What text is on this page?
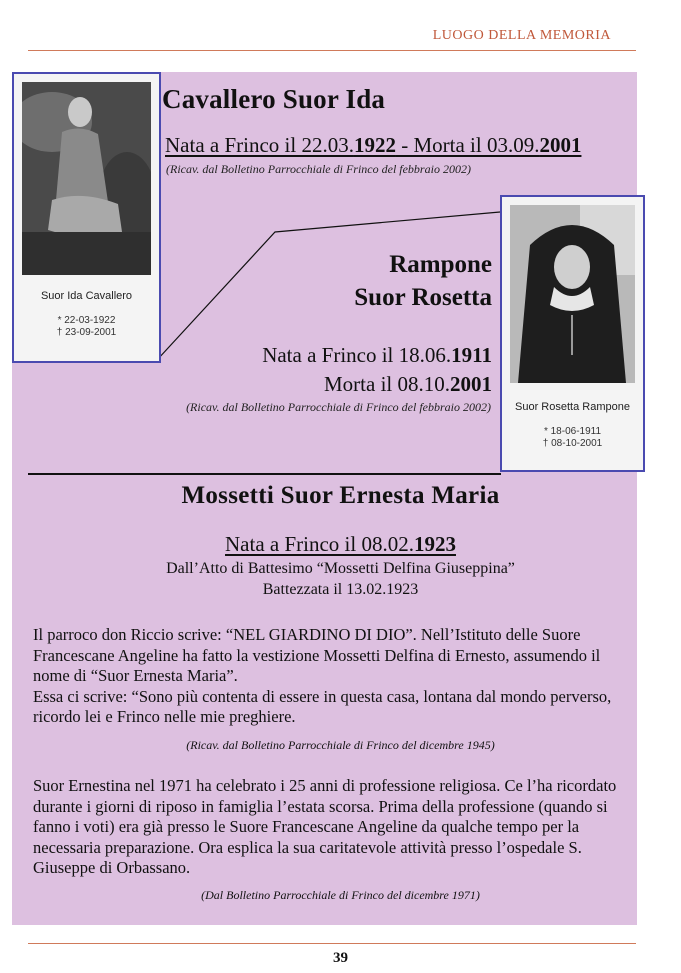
LUOGO DELLA MEMORIA
Suor Ida Cavallero
* 22-03-1922
† 23-09-2001
Cavallero Suor Ida
Nata a Frinco il 22.03.1922 - Morta il 03.09.2001
(Ricav. dal Bolletino Parrocchiale di Frinco del febbraio 2002)
Rampone
Suor Rosetta
Nata a Frinco il 18.06.1911
Morta il 08.10.2001
(Ricav. dal Bolletino Parrocchiale di Frinco del febbraio 2002)	Suor Rosetta Rampone
* 18-06-1911
† 08-10-2001
Mossetti Suor Ernesta Maria
Nata a Frinco il 08.02.1923
Dall’Atto di Battesimo “Mossetti Delfina Giuseppina”
Battezzata il 13.02.1923

Il parroco don Riccio scrive: “NEL GIARDINO DI DIO”. Nell’Istituto delle Suore Francescane Angeline ha fatto la vestizione Mossetti Delfina di Ernesto, assumendo il nome di “Suor Ernesta Maria”.
Essa ci scrive: “Sono più contenta di essere in questa casa, lontana dal mondo perverso, ricordo lei e Frinco nelle mie preghiere.

(Ricav. dal Bolletino Parrocchiale di Frinco del dicembre 1945)

Suor Ernestina nel 1971 ha celebrato i 25 anni di professione religiosa. Ce l’ha ricordato durante i giorni di riposo in famiglia l’estata scorsa. Prima della professione (quando si fanno i voti) era già presso le Suore Francescane Angeline da qualche tempo per la necessaria preparazione. Ora esplica la sua caritatevole attività presso l’ospedale S. Giuseppe di Orbassano.

(Dal Bolletino Parrocchiale di Frinco del dicembre 1971)
39
